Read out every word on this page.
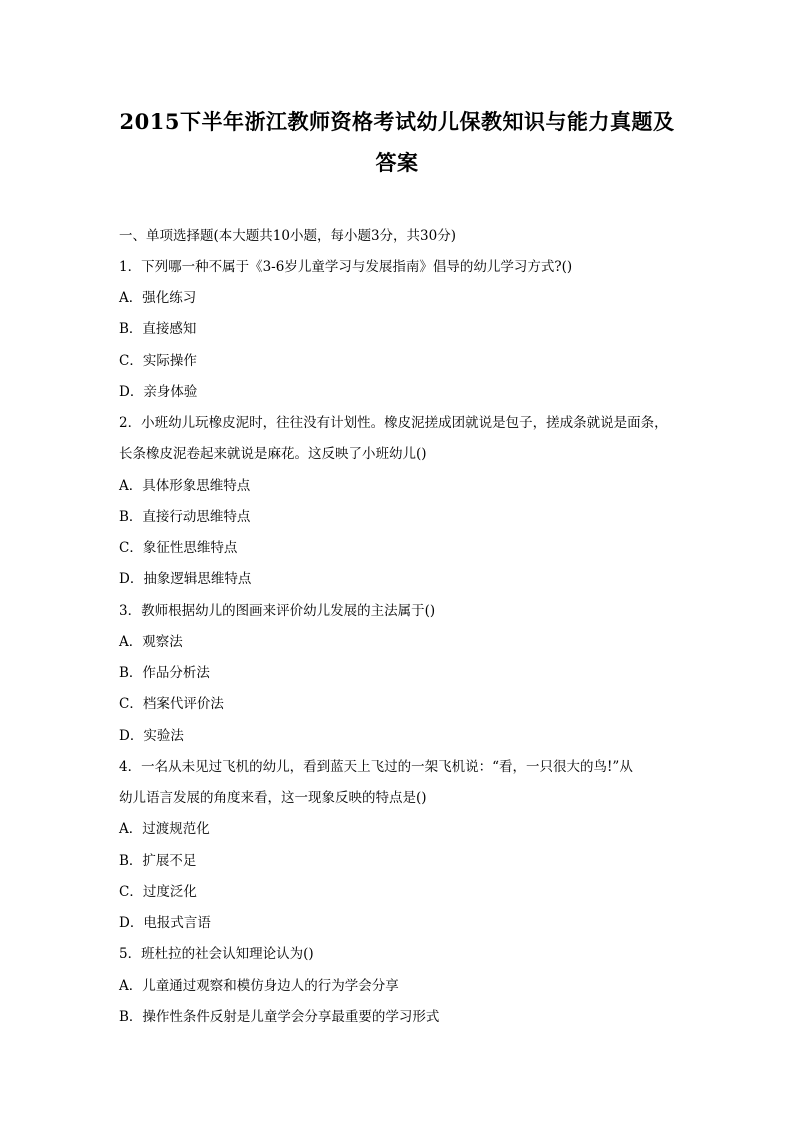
2015下半年浙江教师资格考试幼儿保教知识与能力真题及
答案
一、单项选择题(本大题共10小题，每小题3分，共30分)
1．下列哪一种不属于《3-6岁儿童学习与发展指南》倡导的幼儿学习方式?()
A．强化练习
B．直接感知
C．实际操作
D．亲身体验
2．小班幼儿玩橡皮泥时，往往没有计划性。橡皮泥搓成团就说是包子，搓成条就说是面条，
长条橡皮泥卷起来就说是麻花。这反映了小班幼儿()
A．具体形象思维特点
B．直接行动思维特点
C．象征性思维特点
D．抽象逻辑思维特点
3．教师根据幼儿的图画来评价幼儿发展的主法属于()
A．观察法
B．作品分析法
C．档案代评价法
D．实验法
4．一名从未见过飞机的幼儿，看到蓝天上飞过的一架飞机说：“看，一只很大的鸟!”从
幼儿语言发展的角度来看，这一现象反映的特点是()
A．过渡规范化
B．扩展不足
C．过度泛化
D．电报式言语
5．班杜拉的社会认知理论认为()
A．儿童通过观察和模仿身边人的行为学会分享
B．操作性条件反射是儿童学会分享最重要的学习形式
